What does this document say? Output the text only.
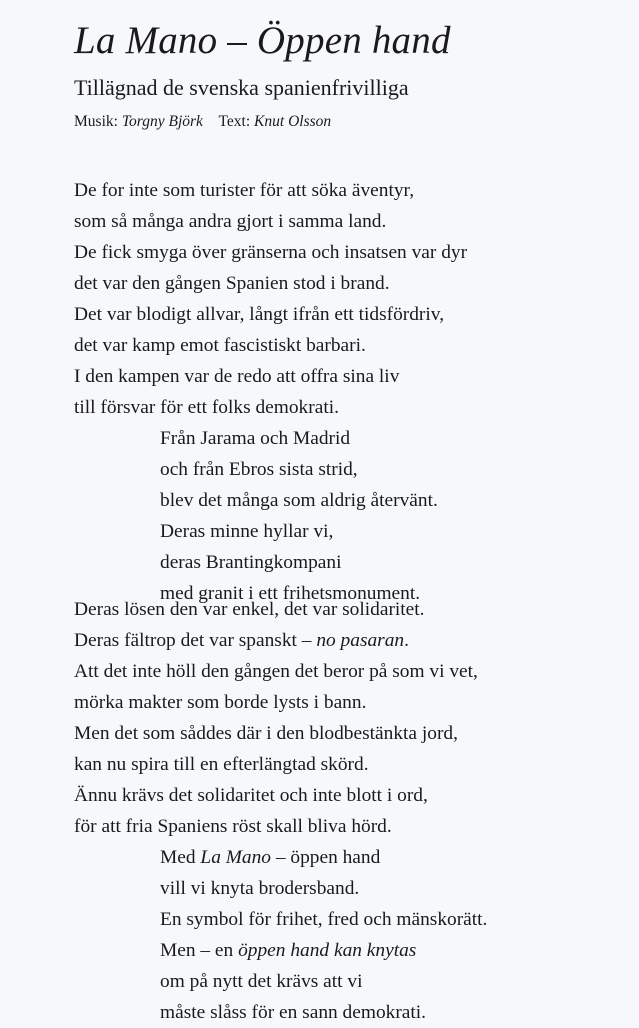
La Mano – Öppen hand
Tillägnad de svenska spanienfrivilliga
Musik: Torgny Björk Text: Knut Olsson
De for inte som turister för att söka äventyr,
som så många andra gjort i samma land.
De fick smyga över gränserna och insatsen var dyr
det var den gången Spanien stod i brand.
Det var blodigt allvar, långt ifrån ett tidsfördriv,
det var kamp emot fascistiskt barbari.
I den kampen var de redo att offra sina liv
till försvar för ett folks demokrati.
Från Jarama och Madrid
och från Ebros sista strid,
blev det många som aldrig återvänt.
Deras minne hyllar vi,
deras Brantingkompani
med granit i ett frihetsmonument.
Deras lösen den var enkel, det var solidaritet.
Deras fältrop det var spanskt – no pasaran.
Att det inte höll den gången det beror på som vi vet,
mörka makter som borde lysts i bann.
Men det som såddes där i den blodbestänkta jord,
kan nu spira till en efterlängtad skörd.
Ännu krävs det solidaritet och inte blott i ord,
för att fria Spaniens röst skall bliva hörd.
Med La Mano – öppen hand
vill vi knyta brodersband.
En symbol för frihet, fred och mänskorätt.
Men – en öppen hand kan knytas
om på nytt det krävs att vi
måste slåss för en sann demokrati.
